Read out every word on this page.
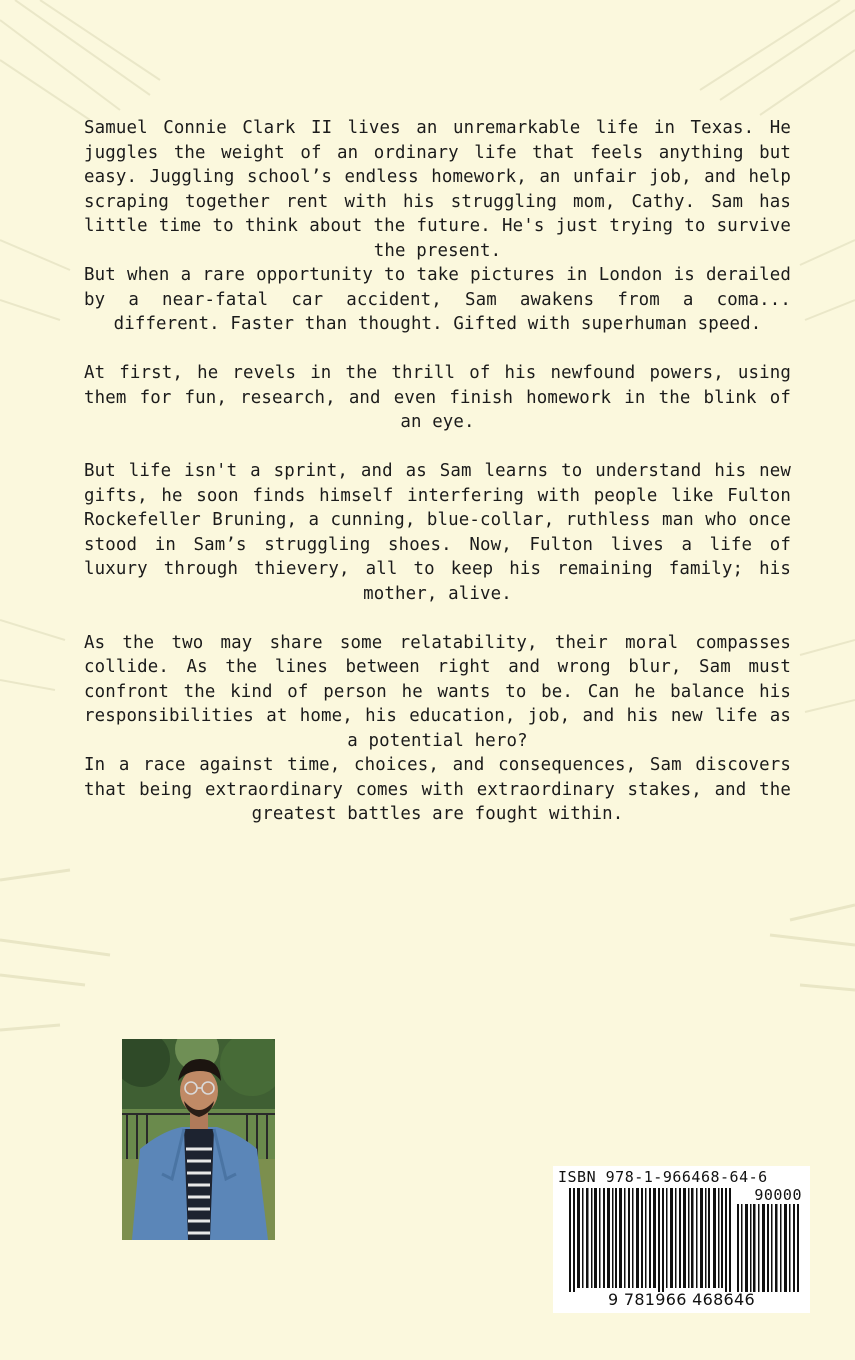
Samuel Connie Clark II lives an unremarkable life in Texas. He juggles the weight of an ordinary life that feels anything but easy. Juggling school’s endless homework, an unfair job, and help scraping together rent with his struggling mom, Cathy. Sam has little time to think about the future. He's just trying to survive the present.

But when a rare opportunity to take pictures in London is derailed by a near-fatal car accident, Sam awakens from a coma... different. Faster than thought. Gifted with superhuman speed.

At first, he revels in the thrill of his newfound powers, using them for fun, research, and even finish homework in the blink of an eye.

But life isn't a sprint, and as Sam learns to understand his new gifts, he soon finds himself interfering with people like Fulton Rockefeller Bruning, a cunning, blue-collar, ruthless man who once stood in Sam’s struggling shoes. Now, Fulton lives a life of luxury through thievery, all to keep his remaining family; his mother, alive.

As the two may share some relatability, their moral compasses collide. As the lines between right and wrong blur, Sam must confront the kind of person he wants to be. Can he balance his responsibilities at home, his education, job, and his new life as a potential hero?

In a race against time, choices, and consequences, Sam discovers that being extraordinary comes with extraordinary stakes, and the greatest battles are fought within.

ISBN 978-1-966468-64-6
90000
9 781966 468646
